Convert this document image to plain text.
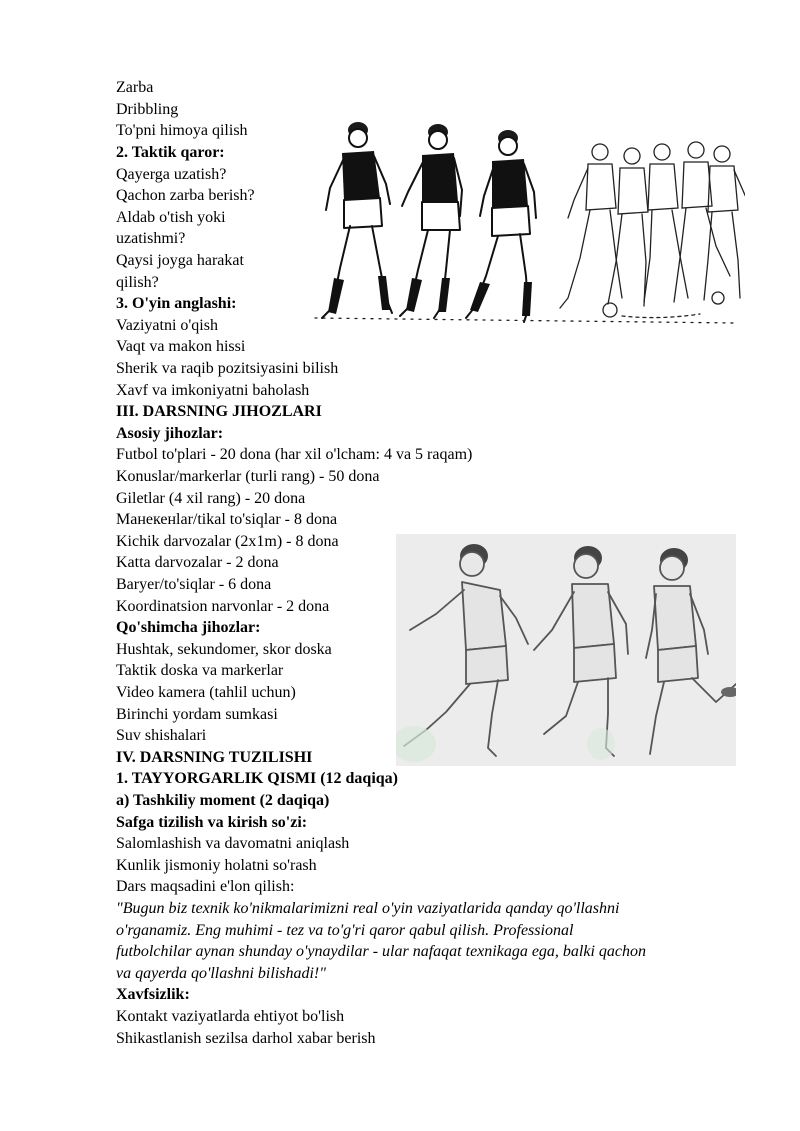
Zarba
Dribbling
To'pni himoya qilish
2. Taktik qaror:
Qayerga uzatish?
Qachon zarba berish?
Aldab o'tish yoki
uzatishmi?
Qaysi joyga harakat
qilish?
3. O'yin anglashi:
Vaziyatni o'qish
Vaqt va makon hissi
Sherik va raqib pozitsiyasini bilish
Xavf va imkoniyatni baholash
III. DARSNING JIHOZLARI
Asosiy jihozlar:
Futbol to'plari - 20 dona (har xil o'lcham: 4 va 5 raqam)
Konuslar/markerlar (turli rang) - 50 dona
Giletlar (4 xil rang) - 20 dona
Манекенlar/tikal to'siqlar - 8 dona
Kichik darvozalar (2x1m) - 8 dona
Katta darvozalar - 2 dona
Baryer/to'siqlar - 6 dona
Koordinatsion narvonlar - 2 dona
Qo'shimcha jihozlar:
Hushtak, sekundomer, skor doska
Taktik doska va markerlar
Video kamera (tahlil uchun)
Birinchi yordam sumkasi
Suv shishalari
IV. DARSNING TUZILISHI
1. TAYYORGARLIK QISMI (12 daqiqa)
a) Tashkiliy moment (2 daqiqa)
Safga tizilish va kirish so'zi:
Salomlashish va davomatni aniqlash
Kunlik jismoniy holatni so'rash
Dars maqsadini e'lon qilish:
"Bugun biz texnik ko'nikmalarimizni real o'yin vaziyatlarida qanday qo'llashni
o'rganamiz. Eng muhimi - tez va to'g'ri qaror qabul qilish. Professional
futbolchilar aynan shunday o'ynaydilar - ular nafaqat texnikaga ega, balki qachon
va qayerda qo'llashni bilishadi!"
Xavfsizlik:
Kontakt vaziyatlarda ehtiyot bo'lish
Shikastlanish sezilsa darhol xabar berish
